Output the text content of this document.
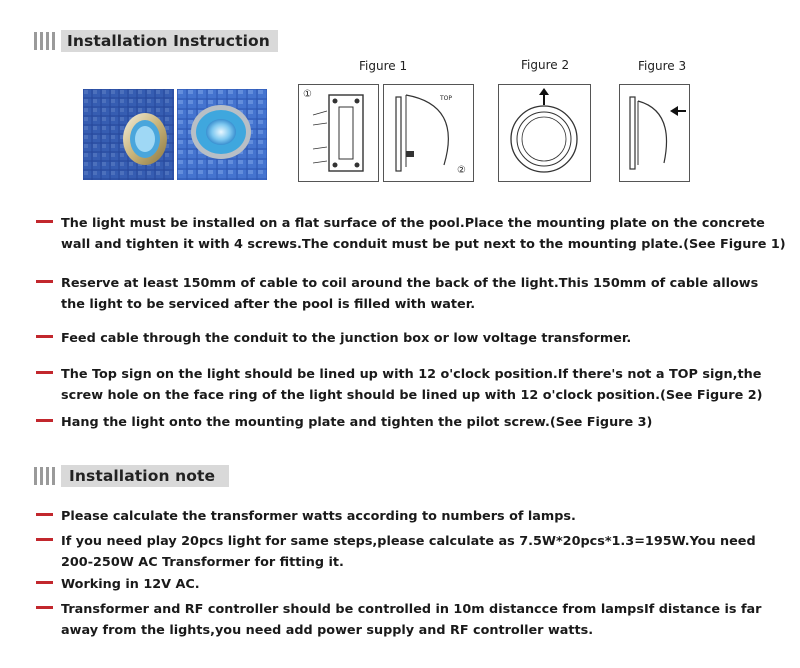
Installation Instruction
Figure 1	Figure 2	Figure 3
①	TOP
②
The light must be installed on a flat surface of the pool.Place the mounting plate on the concrete wall and tighten it with 4 screws.The conduit must be put next to the mounting plate.(See Figure 1)
Reserve at least 150mm of cable to coil around the back of the light.This 150mm of cable allows the light to be serviced after the pool is filled with water.
Feed cable through the conduit to the junction box or low voltage transformer.
The Top sign on the light should be lined up with 12 o'clock position.If there's not a TOP sign,the screw hole on the face ring of the light should be lined up with 12 o'clock position.(See Figure 2)
Hang the light onto the mounting plate and tighten the pilot screw.(See Figure 3)
Installation note
Please calculate the transformer watts according to numbers of lamps.
If you need play 20pcs light for same steps,please calculate as 7.5W*20pcs*1.3=195W.You need 200-250W AC Transformer for fitting it.
Working in 12V AC.
Transformer and RF controller should be controlled in 10m distancce from lampsIf distance is far away from the lights,you need add power supply and RF controller watts.
